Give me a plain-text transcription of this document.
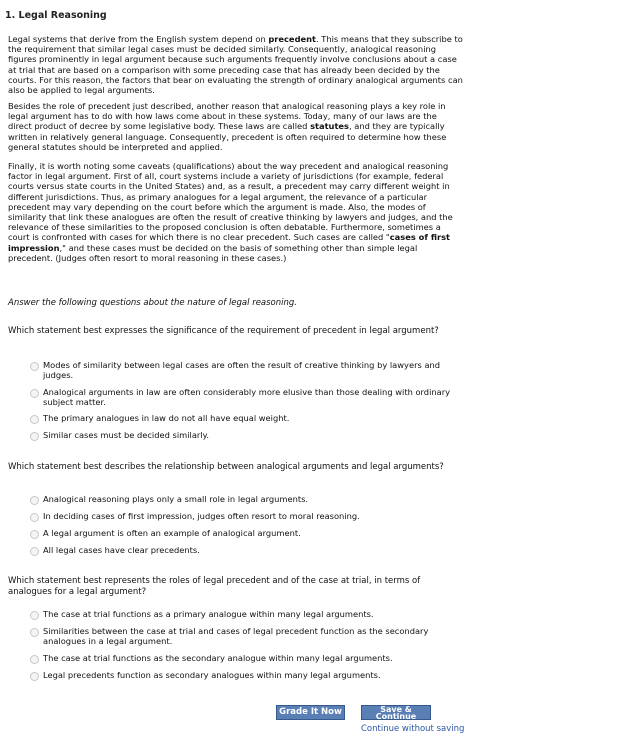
1. Legal Reasoning

Legal systems that derive from the English system depend on precedent. This means that they subscribe to the requirement that similar legal cases must be decided similarly. Consequently, analogical reasoning figures prominently in legal argument because such arguments frequently involve conclusions about a case at trial that are based on a comparison with some preceding case that has already been decided by the courts. For this reason, the factors that bear on evaluating the strength of ordinary analogical arguments can also be applied to legal arguments.

Besides the role of precedent just described, another reason that analogical reasoning plays a key role in legal argument has to do with how laws come about in these systems. Today, many of our laws are the direct product of decree by some legislative body. These laws are called statutes, and they are typically written in relatively general language. Consequently, precedent is often required to determine how these general statutes should be interpreted and applied.

Finally, it is worth noting some caveats (qualifications) about the way precedent and analogical reasoning factor in legal argument. First of all, court systems include a variety of jurisdictions (for example, federal courts versus state courts in the United States) and, as a result, a precedent may carry different weight in different jurisdictions. Thus, as primary analogues for a legal argument, the relevance of a particular precedent may vary depending on the court before which the argument is made. Also, the modes of similarity that link these analogues are often the result of creative thinking by lawyers and judges, and the relevance of these similarities to the proposed conclusion is often debatable. Furthermore, sometimes a court is confronted with cases for which there is no clear precedent. Such cases are called "cases of first impression," and these cases must be decided on the basis of something other than simple legal precedent. (Judges often resort to moral reasoning in these cases.)

Answer the following questions about the nature of legal reasoning.
Which statement best expresses the significance of the requirement of precedent in legal argument?
Modes of similarity between legal cases are often the result of creative thinking by lawyers and judges.
Analogical arguments in law are often considerably more elusive than those dealing with ordinary subject matter.
The primary analogues in law do not all have equal weight.
Similar cases must be decided similarly.
Which statement best describes the relationship between analogical arguments and legal arguments?
Analogical reasoning plays only a small role in legal arguments.
In deciding cases of first impression, judges often resort to moral reasoning.
A legal argument is often an example of analogical argument.
All legal cases have clear precedents.
Which statement best represents the roles of legal precedent and of the case at trial, in terms of analogues for a legal argument?
The case at trial functions as a primary analogue within many legal arguments.
Similarities between the case at trial and cases of legal precedent function as the secondary analogues in a legal argument.
The case at trial functions as the secondary analogue within many legal arguments.
Legal precedents function as secondary analogues within many legal arguments.
Grade It Now	Save &
Continue
Continue without saving
